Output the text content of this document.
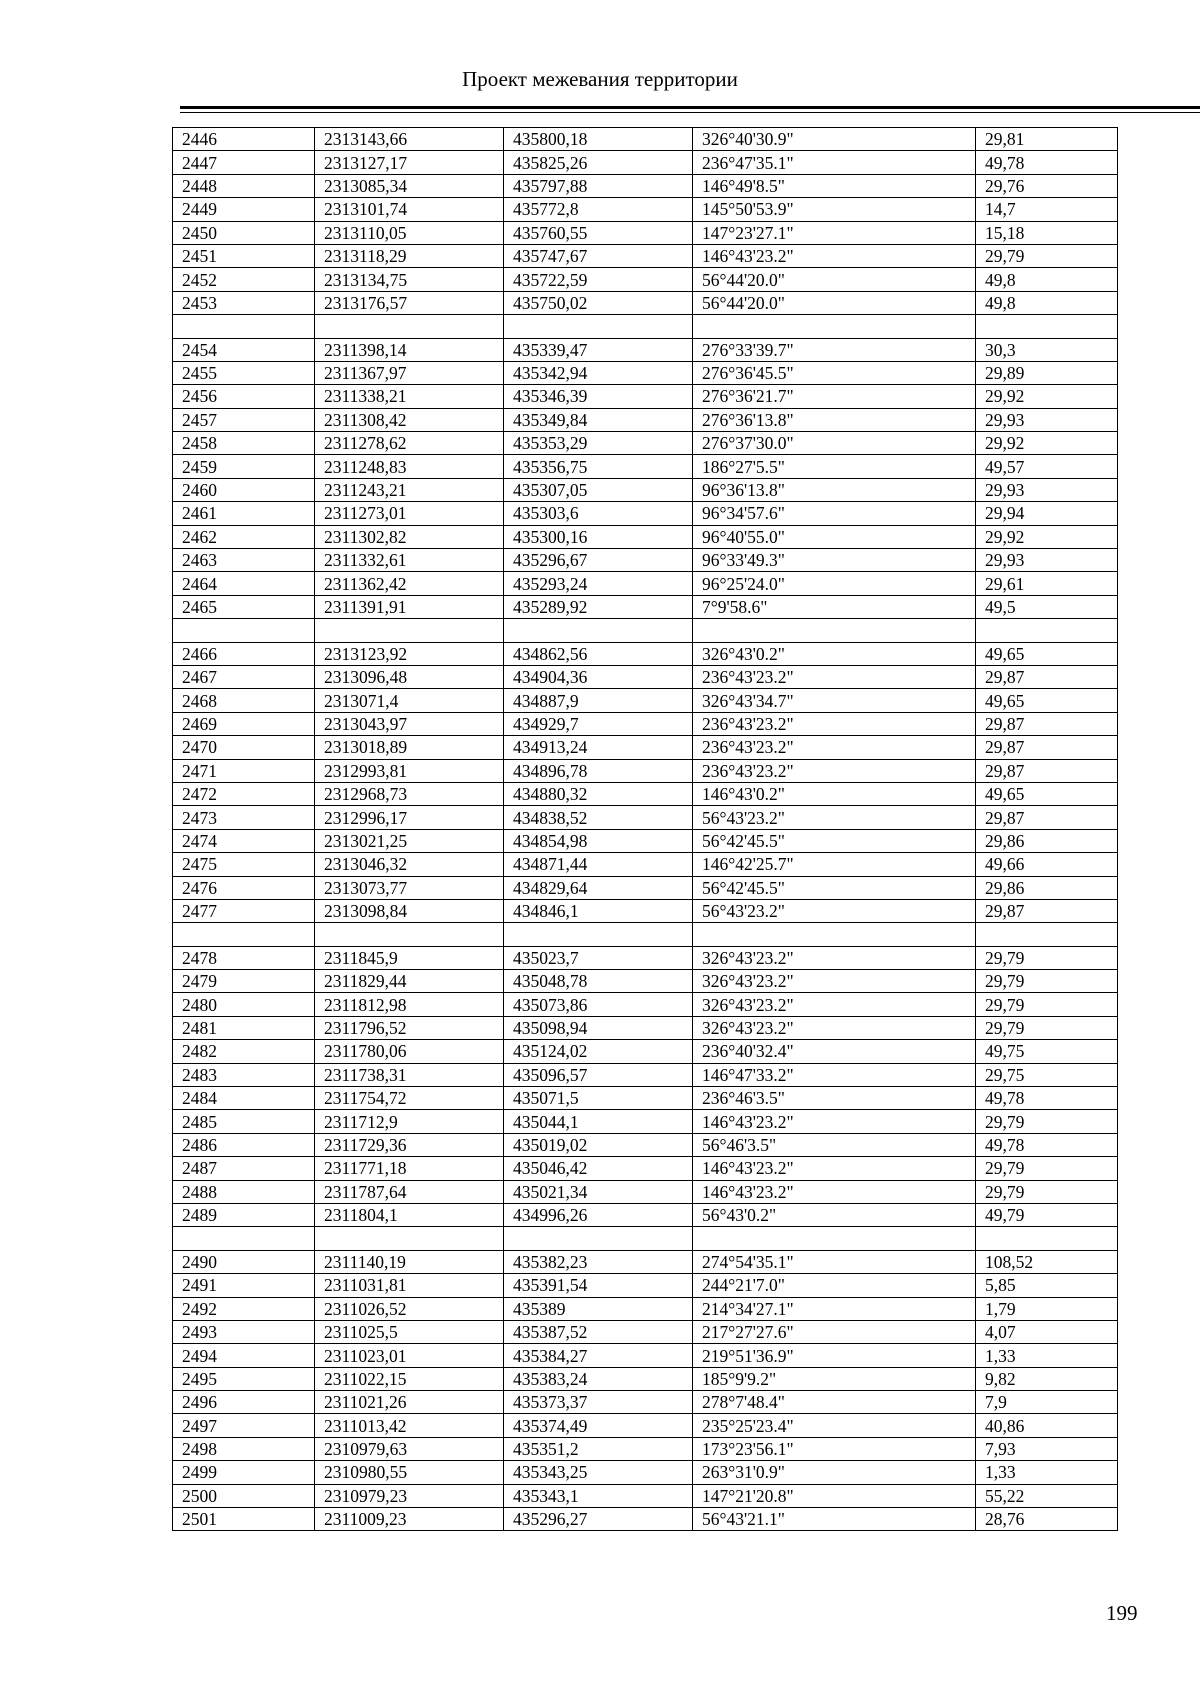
Проект межевания территории
2446	2313143,66	435800,18	326°40'30.9"	29,81
2447	2313127,17	435825,26	236°47'35.1"	49,78
2448	2313085,34	435797,88	146°49'8.5"	29,76
2449	2313101,74	435772,8	145°50'53.9"	14,7
2450	2313110,05	435760,55	147°23'27.1"	15,18
2451	2313118,29	435747,67	146°43'23.2"	29,79
2452	2313134,75	435722,59	56°44'20.0"	49,8
2453	2313176,57	435750,02	56°44'20.0"	49,8

2454	2311398,14	435339,47	276°33'39.7"	30,3
2455	2311367,97	435342,94	276°36'45.5"	29,89
2456	2311338,21	435346,39	276°36'21.7"	29,92
2457	2311308,42	435349,84	276°36'13.8"	29,93
2458	2311278,62	435353,29	276°37'30.0"	29,92
2459	2311248,83	435356,75	186°27'5.5"	49,57
2460	2311243,21	435307,05	96°36'13.8"	29,93
2461	2311273,01	435303,6	96°34'57.6"	29,94
2462	2311302,82	435300,16	96°40'55.0"	29,92
2463	2311332,61	435296,67	96°33'49.3"	29,93
2464	2311362,42	435293,24	96°25'24.0"	29,61
2465	2311391,91	435289,92	7°9'58.6"	49,5

2466	2313123,92	434862,56	326°43'0.2"	49,65
2467	2313096,48	434904,36	236°43'23.2"	29,87
2468	2313071,4	434887,9	326°43'34.7"	49,65
2469	2313043,97	434929,7	236°43'23.2"	29,87
2470	2313018,89	434913,24	236°43'23.2"	29,87
2471	2312993,81	434896,78	236°43'23.2"	29,87
2472	2312968,73	434880,32	146°43'0.2"	49,65
2473	2312996,17	434838,52	56°43'23.2"	29,87
2474	2313021,25	434854,98	56°42'45.5"	29,86
2475	2313046,32	434871,44	146°42'25.7"	49,66
2476	2313073,77	434829,64	56°42'45.5"	29,86
2477	2313098,84	434846,1	56°43'23.2"	29,87

2478	2311845,9	435023,7	326°43'23.2"	29,79
2479	2311829,44	435048,78	326°43'23.2"	29,79
2480	2311812,98	435073,86	326°43'23.2"	29,79
2481	2311796,52	435098,94	326°43'23.2"	29,79
2482	2311780,06	435124,02	236°40'32.4"	49,75
2483	2311738,31	435096,57	146°47'33.2"	29,75
2484	2311754,72	435071,5	236°46'3.5"	49,78
2485	2311712,9	435044,1	146°43'23.2"	29,79
2486	2311729,36	435019,02	56°46'3.5"	49,78
2487	2311771,18	435046,42	146°43'23.2"	29,79
2488	2311787,64	435021,34	146°43'23.2"	29,79
2489	2311804,1	434996,26	56°43'0.2"	49,79

2490	2311140,19	435382,23	274°54'35.1"	108,52
2491	2311031,81	435391,54	244°21'7.0"	5,85
2492	2311026,52	435389	214°34'27.1"	1,79
2493	2311025,5	435387,52	217°27'27.6"	4,07
2494	2311023,01	435384,27	219°51'36.9"	1,33
2495	2311022,15	435383,24	185°9'9.2"	9,82
2496	2311021,26	435373,37	278°7'48.4"	7,9
2497	2311013,42	435374,49	235°25'23.4"	40,86
2498	2310979,63	435351,2	173°23'56.1"	7,93
2499	2310980,55	435343,25	263°31'0.9"	1,33
2500	2310979,23	435343,1	147°21'20.8"	55,22
2501	2311009,23	435296,27	56°43'21.1"	28,76
199
